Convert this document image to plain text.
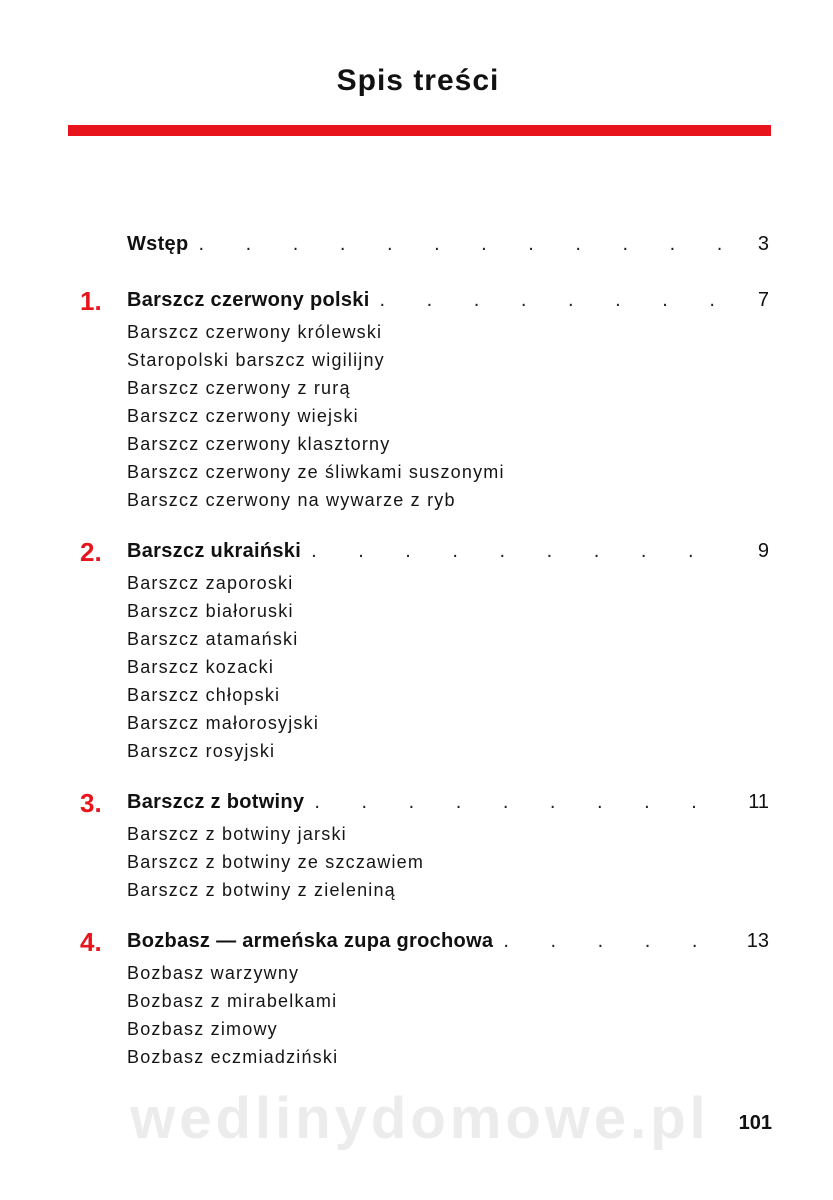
Spis treści
Wstęp . . .	3
1. Barszcz czerwony polski . . .	7
Barszcz czerwony królewski
Staropolski barszcz wigilijny
Barszcz czerwony z rurą
Barszcz czerwony wiejski
Barszcz czerwony klasztorny
Barszcz czerwony ze śliwkami suszonymi
Barszcz czerwony na wywarze z ryb
2. Barszcz ukraiński . . .	9
Barszcz zaporoski
Barszcz białoruski
Barszcz atamański
Barszcz kozacki
Barszcz chłopski
Barszcz małorosyjski
Barszcz rosyjski
3. Barszcz z botwiny . . .	11
Barszcz z botwiny jarski
Barszcz z botwiny ze szczawiem
Barszcz z botwiny z zieleniną
4. Bozbasz — armeńska zupa grochowa . . .	13
Bozbasz warzywny
Bozbasz z mirabelkami
Bozbasz zimowy
Bozbasz eczmiadziński
wedlinydomowe.pl	101
